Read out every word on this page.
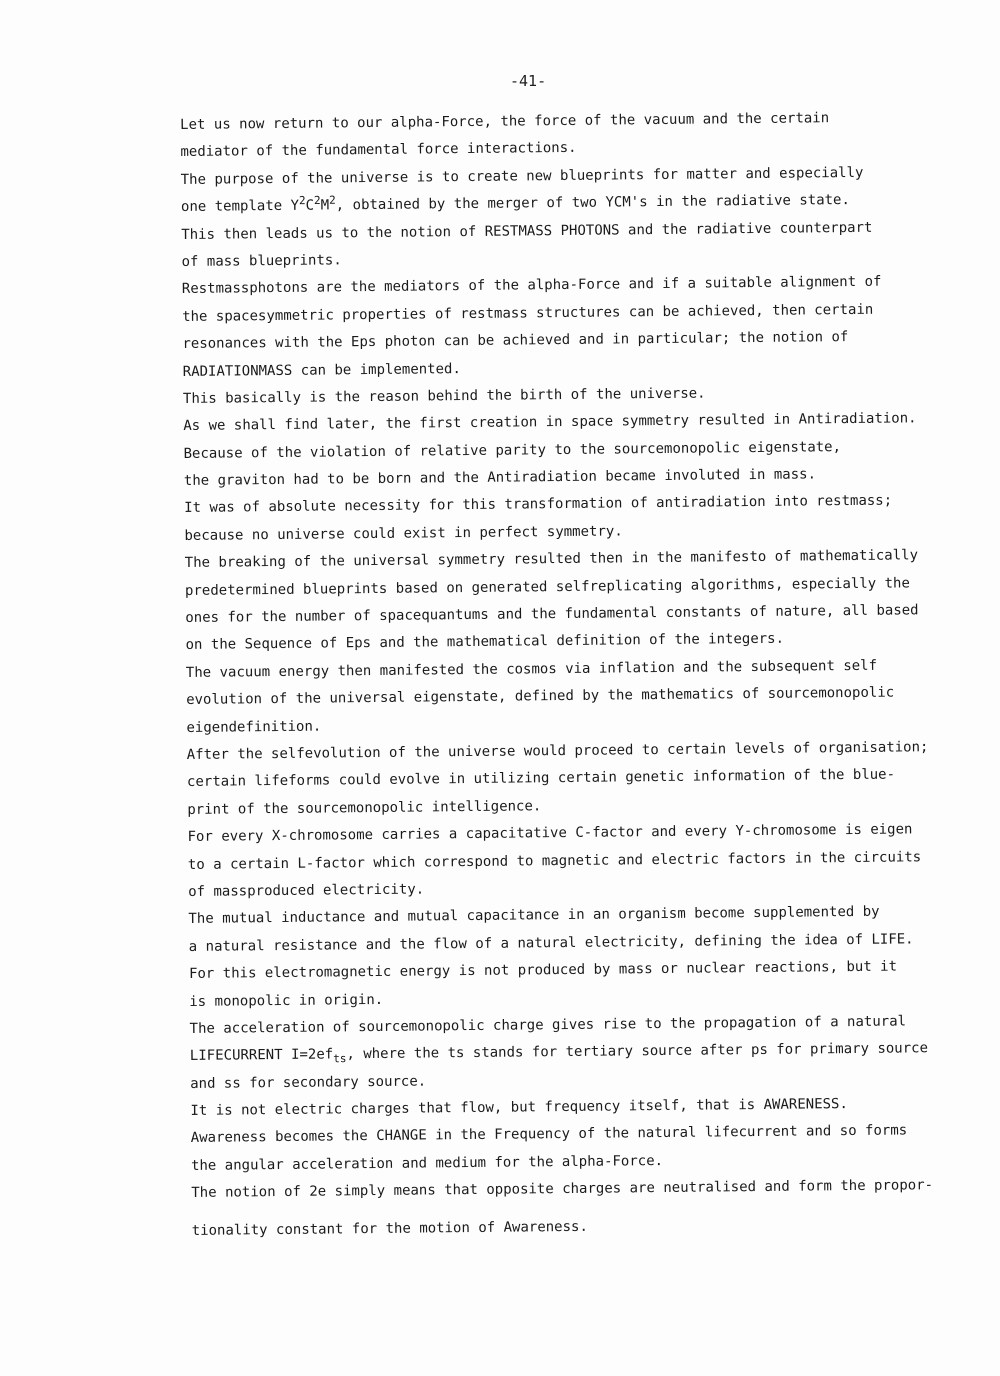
-41-
Let us now return to our alpha-Force, the force of the vacuum and the certain
mediator of the fundamental force interactions.
The purpose of the universe is to create new blueprints for matter and especially
one template $Y^2C^2M^2$, obtained by the merger of two YCM's in the radiative state.
This then leads us to the notion of RESTMASS PHOTONS and the radiative counterpart
of mass blueprints.
Restmassphotons are the mediators of the alpha-Force and if a suitable alignment of
the spacesymmetric properties of restmass structures can be achieved, then certain
resonances with the Eps photon can be achieved and in particular; the notion of
RADIATIONMASS can be implemented.
This basically is the reason behind the birth of the universe.
As we shall find later, the first creation in space symmetry resulted in Antiradiation.
Because of the violation of relative parity to the sourcemonopolic eigenstate,
the graviton had to be born and the Antiradiation became involuted in mass.
It was of absolute necessity for this transformation of antiradiation into restmass;
because no universe could exist in perfect symmetry.
The breaking of the universal symmetry resulted then in the manifesto of mathematically
predetermined blueprints based on generated selfreplicating algorithms, especially the
ones for the number of spacequantums and the fundamental constants of nature, all based
on the Sequence of Eps and the mathematical definition of the integers.
The vacuum energy then manifested the cosmos via inflation and the subsequent self
evolution of the universal eigenstate, defined by the mathematics of sourcemonopolic
eigendefinition.
After the selfevolution of the universe would proceed to certain levels of organisation;
certain lifeforms could evolve in utilizing certain genetic information of the blue-
print of the sourcemonopolic intelligence.
For every X-chromosome carries a capacitative C-factor and every Y-chromosome is eigen
to a certain L-factor which correspond to magnetic and electric factors in the circuits
of massproduced electricity.
The mutual inductance and mutual capacitance in an organism become supplemented by
a natural resistance and the flow of a natural electricity, defining the idea of LIFE.
For this electromagnetic energy is not produced by mass or nuclear reactions, but it
is monopolic in origin.
The acceleration of sourcemonopolic charge gives rise to the propagation of a natural
LIFECURRENT $I=2ef_{ts}$, where the ts stands for tertiary source after ps for primary source
and ss for secondary source.
It is not electric charges that flow, but frequency itself, that is AWARENESS.
Awareness becomes the CHANGE in the Frequency of the natural lifecurrent and so forms
the angular acceleration and medium for the alpha-Force.
The notion of 2e simply means that opposite charges are neutralised and form the propor-
tionality constant for the motion of Awareness.
